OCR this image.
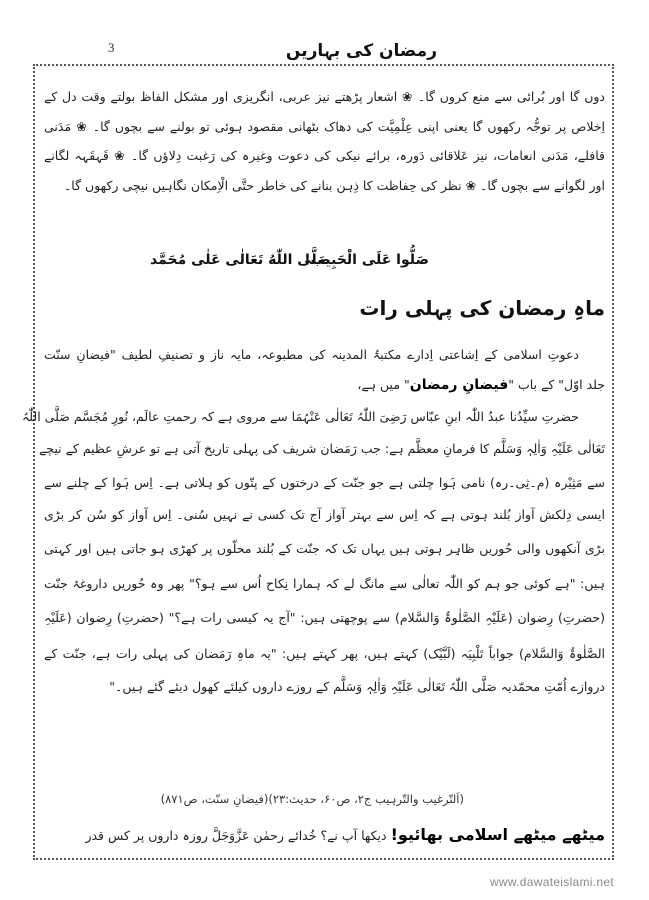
رمضان کی بہاریں
3
دوں گا اور بُرائی سے منع کروں گا۔ ❀ اشعار پڑھتے نیز عربی، انگریزی اور مشکل الفاظ بولتے وقت دل کے
اِخلاص پر توجُّہ رکھوں گا یعنی اپنی عِلْمِیَّت کی دھاک بٹھانی مقصود ہوئی تو بولنے سے بچوں گا۔ ❀ مَدَنی
قافلے، مَدَنی انعامات، نیز عَلاقائی دَورہ، برائے نیکی کی دعوت وغیرہ کی رَغبت دِلاؤں گا۔ ❀ قَہقَہہ لگانے
اور لگوانے سے بچوں گا۔ ❀ نظر کی حِفاظت کا ذِہن بنانے کی خاطر حتَّی الْاِمکان نگاہیں نیچی رکھوں گا۔
صَلُّوا عَلَی الْحَبِیب!
صَلَّی اللّٰهُ تَعَالٰی عَلٰی مُحَمَّد
ماہِ رمضان کی پہلی رات
دعوتِ اسلامی کے اِشاعتی اِدارے مکتبۃُ المدینہ کی مطبوعہ، مایہ ناز و تصنیفِ لطیف "فیضانِ سنّت
جلد اوّل" کے باب "فیضانِ رمضان" میں ہے،
حضرتِ سیِّدُنا عبدُ اللّٰہ ابنِ عبّاس رَضِیَ اللّٰہُ تَعَالٰی عَنْہُمَا سے مروی ہے کہ رحمتِ عالَم، نُورِ مُجَسَّم صَلَّی اللّٰہُ
تَعَالٰی عَلَیْہِ وَاٰلِہٖ وَسَلَّم کا فرمانِ معظَّم ہے: جب رَمَضان شریف کی پہلی تاریخ آتی ہے تو عرشِ عظیم کے نیچے
سے مَثِیْرہ (م۔ثِی۔رہ) نامی ہَوا چلتی ہے جو جنّت کے درختوں کے پتّوں کو ہلاتی ہے۔ اِس ہَوا کے چلنے سے
ایسی دِلکش آواز بُلند ہوتی ہے کہ اِس سے بہتر آواز آج تک کسی نے نہیں سُنی۔ اِس آواز کو سُن کر بڑی
بڑی آنکھوں والی حُوریں ظاہِر ہوتی ہیں یہاں تک کہ جنّت کے بُلند محلّوں پر کھڑی ہو جاتی ہیں اور کہتی
ہیں: "ہے کوئی جو ہم کو اللّٰہ تعالٰی سے مانگ لے کہ ہمارا نِکاح اُس سے ہو؟" پھر وہ حُوریں داروغۂ جنّت
(حضرتِ) رِضوان (عَلَیْہِ الصَّلٰوۃُ وَالسَّلام) سے پوچھتی ہیں: "آج یہ کیسی رات ہے؟" (حضرتِ) رِضوان (عَلَیْہِ
الصَّلٰوۃُ وَالسَّلام) جواباً تَلْبِیَہ (لَبَّیْک) کہتے ہیں، پھر کہتے ہیں: "یہ ماہِ رَمَضان کی پہلی رات ہے، جنّت کے
دروازے اُمّتِ محمّدیہ صَلَّی اللّٰہُ تَعَالٰی عَلَیْہِ وَاٰلِہٖ وَسَلَّم کے روزے داروں کیلئے کھول دیئے گئے ہیں۔"
(اَلتّرغیب والتّرہیب ج۲، ص۶۰، حدیث:۲۳)(فیضانِ سنّت، ص۸۷۱)
میٹھے میٹھے اسلامی بھائیو! دیکھا آپ نے؟ خُدائے رحمٰن عَزَّوَجَلَّ روزہ داروں پر کس قدر
www.dawateislami.net
